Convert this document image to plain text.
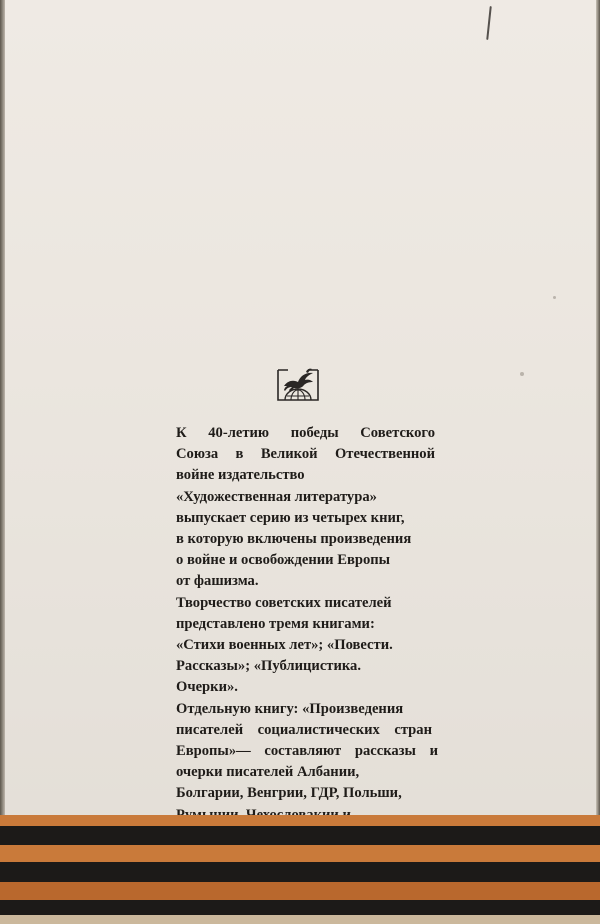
К 40-летию победы Советского
Союза в Великой Отечественной
войне издательство
«Художественная литература»
выпускает серию из четырех книг,
в которую включены произведения
о войне и освобождении Европы
от фашизма.
Творчество советских писателей
представлено тремя книгами:
«Стихи военных лет»; «Повести.
Рассказы»; «Публицистика.
Очерки».
Отдельную книгу: «Произведения
писателей социалистических стран
Европы»— составляют рассказы и
очерки писателей Албании,
Болгарии, Венгрии, ГДР, Польши,
